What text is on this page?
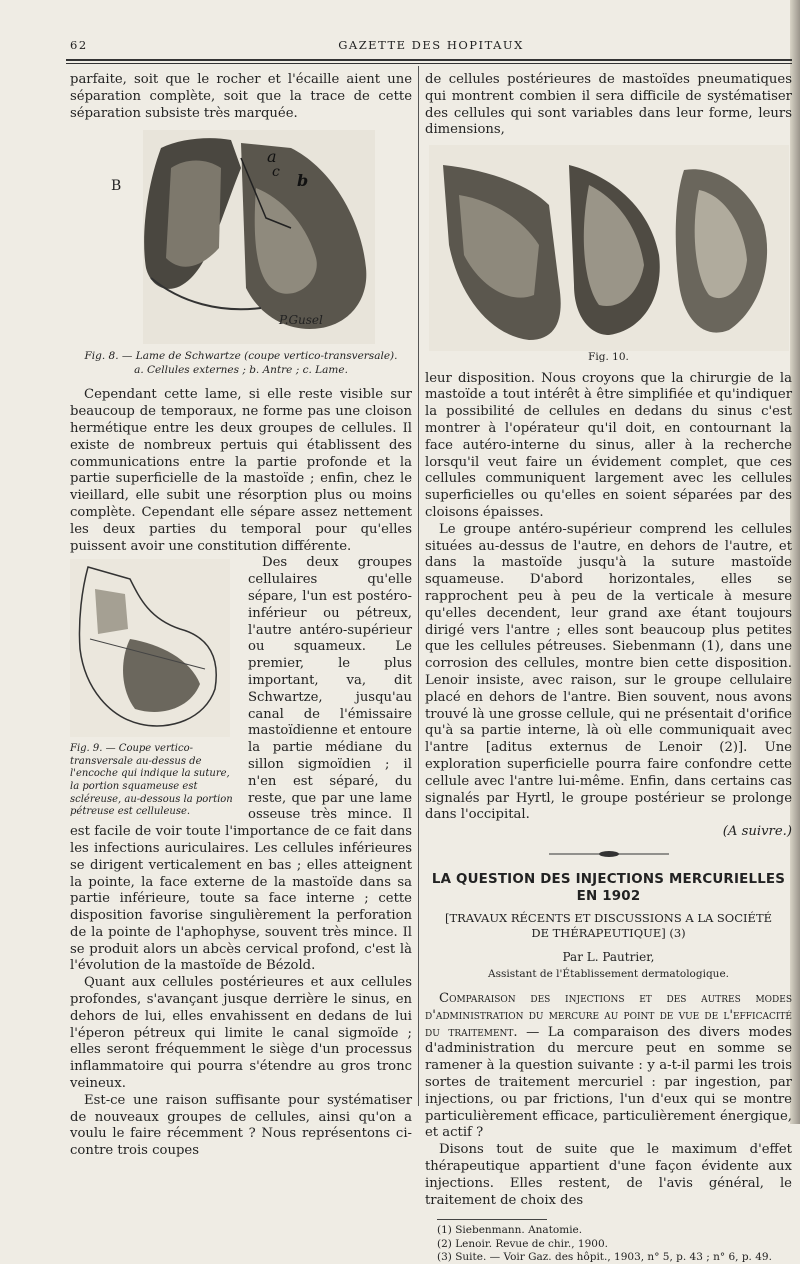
62	GAZETTE DES HOPITAUX

parfaite, soit que le rocher et l'écaille aient une séparation complète, soit que la trace de cette séparation subsiste très marquée.

B
a
c b
P.Gusel
Fig. 8. — Lame de Schwartze (coupe vertico-transversale).
a. Cellules externes ; b. Antre ; c. Lame.

Cependant cette lame, si elle reste visible sur beaucoup de temporaux, ne forme pas une cloison hermétique entre les deux groupes de cellules. Il existe de nombreux pertuis qui établissent des communications entre la partie profonde et la partie superficielle de la mastoïde ; enfin, chez le vieillard, elle subit une résorption plus ou moins complète. Cependant elle sépare assez nettement les deux parties du temporal pour qu'elles puissent avoir une constitution différente.

Fig. 9. — Coupe vertico-transversale au-dessus de l'encoche qui indique la suture, la portion squameuse est scléreuse, au-dessous la portion pétreuse est celluleuse.

Des deux groupes cellulaires qu'elle sépare, l'un est postéro-inférieur ou pétreux, l'autre antéro-supérieur ou squameux. Le premier, le plus important, va, dit Schwartze, jusqu'au canal de l'émissaire mastoïdienne et entoure la partie médiane du sillon sigmoïdien ; il n'en est séparé, du reste, que par une lame osseuse très mince. Il est facile de voir toute l'importance de ce fait dans les infections auriculaires. Les cellules inférieures se dirigent verticalement en bas ; elles atteignent la pointe, la face externe de la mastoïde dans sa partie inférieure, toute sa face interne ; cette disposition favorise singulièrement la perforation de la pointe de l'aphophyse, souvent très mince. Il se produit alors un abcès cervical profond, c'est là l'évolution de la mastoïde de Bézold.

Quant aux cellules postérieures et aux cellules profondes, s'avançant jusque derrière le sinus, en dehors de lui, elles envahissent en dedans de lui l'éperon pétreux qui limite le canal sigmoïde ; elles seront fréquemment le siège d'un processus inflammatoire qui pourra s'étendre au gros tronc veineux.

Est-ce une raison suffisante pour systématiser de nouveaux groupes de cellules, ainsi qu'on a voulu le faire récemment ? Nous représentons ci-contre trois coupes

de cellules postérieures de mastoïdes pneumatiques qui montrent combien il sera difficile de systématiser des cellules qui sont variables dans leur forme, leurs dimensions,

Fig. 10.

leur disposition. Nous croyons que la chirurgie de la mastoïde a tout intérêt à être simplifiée et qu'indiquer la possibilité de cellules en dedans du sinus c'est montrer à l'opérateur qu'il doit, en contournant la face autéro-interne du sinus, aller à la recherche lorsqu'il veut faire un évidement complet, que ces cellules communiquent largement avec les cellules superficielles ou qu'elles en soient séparées par des cloisons épaisses.

Le groupe antéro-supérieur comprend les cellules situées au-dessus de l'autre, en dehors de l'autre, et dans la mastoïde jusqu'à la suture mastoïde squameuse. D'abord horizontales, elles se rapprochent peu à peu de la verticale à mesure qu'elles decendent, leur grand axe étant toujours dirigé vers l'antre ; elles sont beaucoup plus petites que les cellules pétreuses. Siebenmann (1), dans une corrosion des cellules, montre bien cette disposition. Lenoir insiste, avec raison, sur le groupe cellulaire placé en dehors de l'antre. Bien souvent, nous avons trouvé là une grosse cellule, qui ne présentait d'orifice qu'à sa partie interne, là où elle communiquait avec l'antre [aditus externus de Lenoir (2)]. Une exploration superficielle pourra faire confondre cette cellule avec l'antre lui-même. Enfin, dans certains cas signalés par Hyrtl, le groupe postérieur se prolonge dans l'occipital.

(A suivre.)

LA QUESTION DES INJECTIONS MERCURIELLES EN 1902
[TRAVAUX RÉCENTS ET DISCUSSIONS A LA SOCIÉTÉ
DE THÉRAPEUTIQUE] (3)
Par L. Pautrier,
Assistant de l'Établissement dermatologique.

Comparaison des injections et des autres modes d'administration du mercure au point de vue de l'efficacité du traitement. — La comparaison des divers modes d'administration du mercure peut en somme se ramener à la question suivante : y a-t-il parmi les trois sortes de traitement mercuriel : par ingestion, par injections, ou par frictions, l'un d'eux qui se montre particulièrement efficace, particulièrement énergique, et actif ?

Disons tout de suite que le maximum d'effet thérapeutique appartient d'une façon évidente aux injections. Elles restent, de l'avis général, le traitement de choix des

(1) Siebenmann. Anatomie.
(2) Lenoir. Revue de chir., 1900.
(3) Suite. — Voir Gaz. des hôpit., 1903, n° 5, p. 43 ; n° 6, p. 49.
